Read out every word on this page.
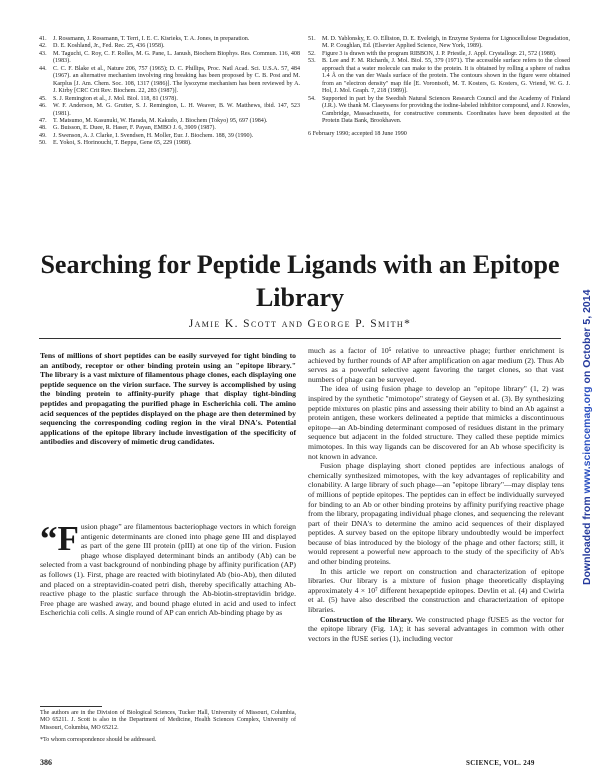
41. J. Rossmann, J. Rossmann, T. Terri, I. E. C. Kisrieks, T. A. Jones, in preparation.
42. D. E. Koshland, Jr., Fed. Rec. 25, 436 (1958).
43. M. Taguchi, C. Roy, C. F. Rolles, M. G. Pane, L. Janush, Biochem Biophys. Res. Commun. 116, 408 (1983).
44. C. C. F. Blake et al., Nature 206, 757 (1965); D. C. Phillips, Proc. Natl Acad. Sci. U.S.A. 57, 484 (1967). an alternative mechanism involving ring breaking has been proposed by C. B. Post and M. Karplus [J. Am. Chem. Soc. 108, 1317 (1986)]. The lysozyme mechanism has been reviewed by A. J. Kirby [CRC Crit Rev. Biochem. 22, 283 (1987)].
45. S. J. Remington et al., J. Mol. Biol. 118, 81 (1978).
46. W. F. Anderson, M. G. Grutter, S. J. Remington, L. H. Weaver, B. W. Matthews, ibid. 147, 523 (1981).
47. T. Matsumo, M. Kasunuki, W. Harada, M. Kakudo, J. Biochem (Tokyo) 95, 697 (1984).
48. G. Buisson, E. Duee, R. Haser, F. Payan, EMBO J. 6, 3909 (1987).
49. J. Swenson, A. J. Clarke, I. Svendsen, H. Moller, Eur. J. Biochem. 188, 39 (1990).
50. E. Yokoi, S. Horinouchi, T. Beppu, Gene 65, 229 (1988).
51. M. D. Yablonsky, E. O. Elliston, D. E. Eveleigh, in Enzyme Systems for Lignocellulose Degradation, M. P. Coughlan, Ed. (Elsevier Applied Science, New York, 1989).
52. Figure 3 is drawn with the program RIBBON, J. P. Priestle, J. Appl. Crystallogr. 21, 572 (1988).
53. B. Lee and F. M. Richards, J. Mol. Biol. 55, 379 (1971). The accessible surface refers to the closed approach that a water molecule can make to the protein. It is obtained by rolling a sphere of radius 1.4 Å on the van der Waals surface of the protein. The contours shown in the figure were obtained from an "electron density" map file [E. Vorontsoft, M. T. Kosters, G. Kosters, G. Vriend, W. G. J. Hol, J. Mol. Graph. 7, 218 (1989)].
54. Supported in part by the Swedish Natural Sciences Research Council and the Academy of Finland (J.R.). We thank M. Claeyssens for providing the iodine-labeled inhibitor compound, and J. Knowles, Cambridge, Massachusetts, for constructive comments. Coordinates have been deposited at the Protein Data Bank, Brookhaven.

6 February 1990; accepted 18 June 1990

Searching for Peptide Ligands with an Epitope Library
Jamie K. Scott and George P. Smith*

Tens of millions of short peptides can be easily surveyed for tight binding to an antibody, receptor or other binding protein using an "epitope library." The library is a vast mixture of filamentous phage clones, each displaying one peptide sequence on the virion surface. The survey is accomplished by using the binding protein to affinity-purify phage that display tight-binding peptides and propagating the purified phage in Escherichia coli. The amino acid sequences of the peptides displayed on the phage are then determined by sequencing the corresponding coding region in the viral DNA's. Potential applications of the epitope library include investigation of the specificity of antibodies and discovery of mimetic drug candidates.

“Fusion phage” are filamentous bacteriophage vectors in which foreign antigenic determinants are cloned into phage gene III and displayed as part of the gene III protein (pIII) at one tip of the virion. Fusion phage whose displayed determinant binds an antibody (Ab) can be selected from a vast background of nonbinding phage by affinity purification (AP) as follows (1). First, phage are reacted with biotinylated Ab (bio-Ab), then diluted and placed on a streptavidin-coated petri dish, thereby specifically attaching Ab-reactive phage to the plastic surface through the Ab-biotin-streptavidin bridge. Free phage are washed away, and bound phage eluted in acid and used to infect Escherichia coli cells. A single round of AP can enrich Ab-binding phage by as

much as a factor of 10⁵ relative to unreactive phage; further enrichment is achieved by further rounds of AP after amplification on agar medium (2). Thus Ab serves as a powerful selective agent favoring the target clones, so that vast numbers of phage can be surveyed.

The idea of using fusion phage to develop an "epitope library" (1, 2) was inspired by the synthetic "mimotope" strategy of Geysen et al. (3). By synthesizing peptide mixtures on plastic pins and assessing their ability to bind an Ab against a protein antigen, these workers delineated a peptide that mimicks a discontinuous epitope—an Ab-binding determinant composed of residues distant in the primary sequence but adjacent in the folded structure. They called these peptide mimics mimotopes. In this way ligands can be discovered for an Ab whose specificity is not known in advance.

Fusion phage displaying short cloned peptides are infectious analogs of chemically synthesized mimotopes, with the key advantages of replicability and clonability. A large library of such phage—an "epitope library"—may display tens of millions of peptide epitopes. The peptides can in effect be individually surveyed for binding to an Ab or other binding proteins by affinity purifying reactive phage from the library, propagating individual phage clones, and sequencing the relevant part of their DNA's to determine the amino acid sequences of their displayed peptides. A survey based on the epitope library undoubtedly would be imperfect because of bias introduced by the biology of the phage and other factors; still, it would represent a powerful new approach to the study of the specificity of Ab's and other binding proteins.

In this article we report on construction and characterization of epitope libraries. Our library is a mixture of fusion phage theoretically displaying approximately 4 × 10⁷ different hexapeptide epitopes. Devlin et al. (4) and Cwirla et al. (5) have also described the construction and characterization of epitope libraries.

Construction of the library. We constructed phage fUSE5 as the vector for the epitope library (Fig. 1A); it has several advantages in common with other vectors in the fUSE series (1), including vector

The authors are in the Division of Biological Sciences, Tucker Hall, University of Missouri, Columbia, MO 65211. J. Scott is also in the Department of Medicine, Health Sciences Complex, University of Missouri, Columbia, MO 65212.

*To whom correspondence should be addressed.

386	SCIENCE, VOL. 249
Downloaded from www.sciencemag.org on October 5, 2014
